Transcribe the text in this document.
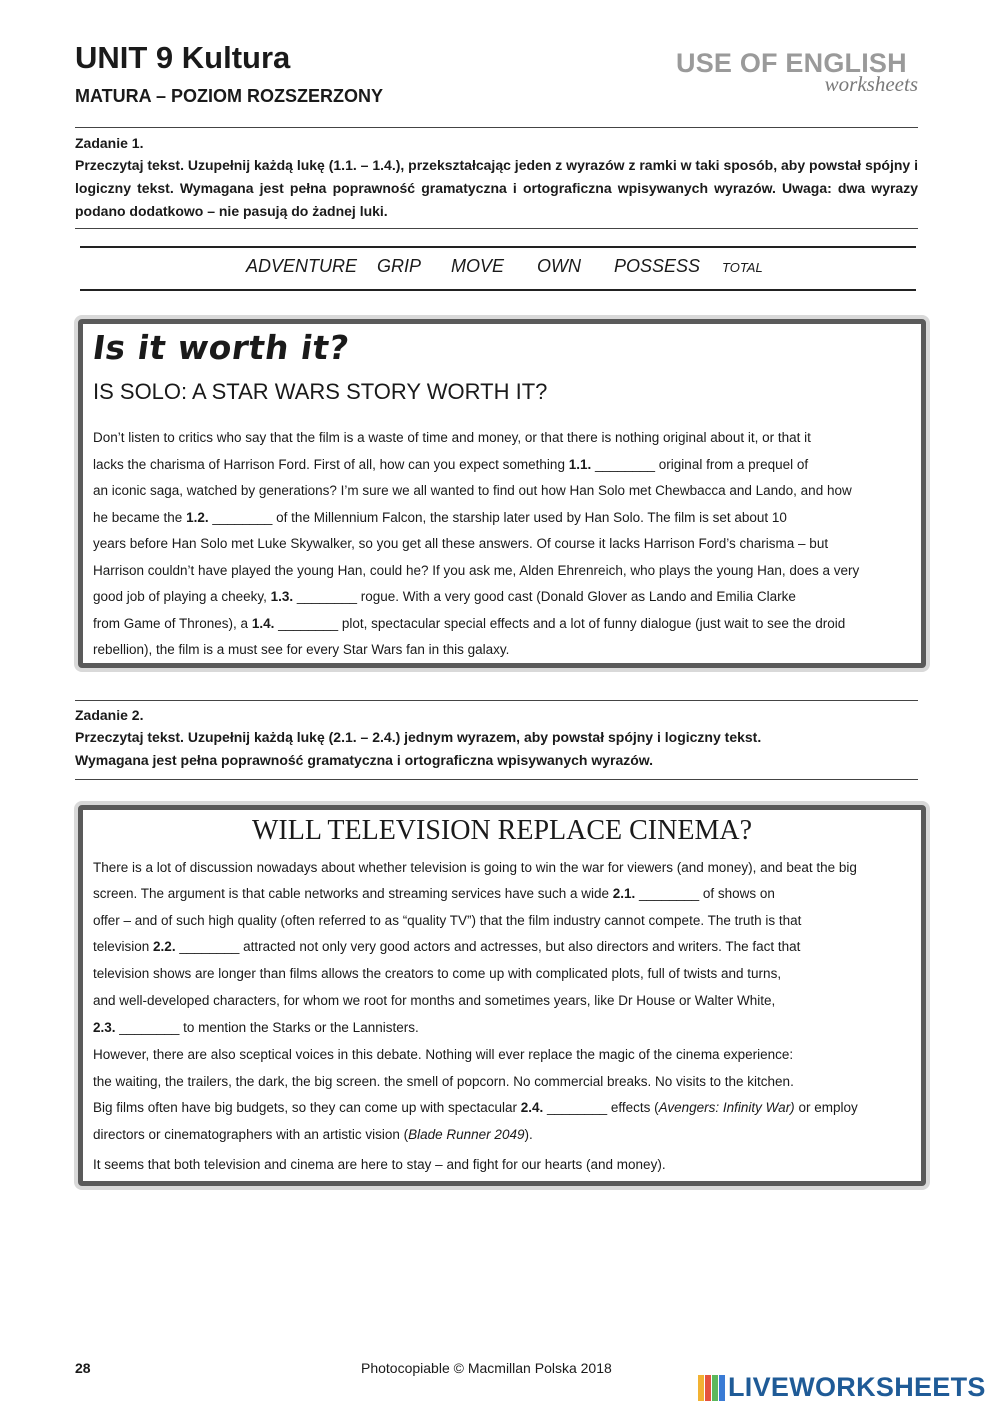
UNIT 9 Kultura
MATURA – POZIOM ROZSZERZONY
USE OF ENGLISH
worksheets
Zadanie 1.
Przeczytaj tekst. Uzupełnij każdą lukę (1.1. – 1.4.), przekształcając jeden z wyrazów z ramki w taki sposób, aby powstał spójny i logiczny tekst. Wymagana jest pełna poprawność gramatyczna i ortograficzna wpisywanych wyrazów. Uwaga: dwa wyrazy podano dodatkowo – nie pasują do żadnej luki.
ADVENTURE GRIP MOVE OWN POSSESS TOTAL
Is it worth it?
IS SOLO: A STAR WARS STORY WORTH IT?
Don’t listen to critics who say that the film is a waste of time and money, or that there is nothing original about it, or that it
lacks the charisma of Harrison Ford. First of all, how can you expect something 1.1. ________ original from a prequel of
an iconic saga, watched by generations? I’m sure we all wanted to find out how Han Solo met Chewbacca and Lando, and how
he became the 1.2. ________ of the Millennium Falcon, the starship later used by Han Solo. The film is set about 10
years before Han Solo met Luke Skywalker, so you get all these answers. Of course it lacks Harrison Ford’s charisma – but
Harrison couldn’t have played the young Han, could he? If you ask me, Alden Ehrenreich, who plays the young Han, does a very
good job of playing a cheeky, 1.3. ________ rogue. With a very good cast (Donald Glover as Lando and Emilia Clarke
from Game of Thrones), a 1.4. ________ plot, spectacular special effects and a lot of funny dialogue (just wait to see the droid
rebellion), the film is a must see for every Star Wars fan in this galaxy.
Zadanie 2.
Przeczytaj tekst. Uzupełnij każdą lukę (2.1. – 2.4.) jednym wyrazem, aby powstał spójny i logiczny tekst.
Wymagana jest pełna poprawność gramatyczna i ortograficzna wpisywanych wyrazów.
WILL TELEVISION REPLACE CINEMA?
There is a lot of discussion nowadays about whether television is going to win the war for viewers (and money), and beat the big
screen. The argument is that cable networks and streaming services have such a wide 2.1. ________ of shows on
offer – and of such high quality (often referred to as “quality TV”) that the film industry cannot compete. The truth is that
television 2.2. ________ attracted not only very good actors and actresses, but also directors and writers. The fact that
television shows are longer than films allows the creators to come up with complicated plots, full of twists and turns,
and well-developed characters, for whom we root for months and sometimes years, like Dr House or Walter White,
2.3. ________ to mention the Starks or the Lannisters.
However, there are also sceptical voices in this debate. Nothing will ever replace the magic of the cinema experience:
the waiting, the trailers, the dark, the big screen. the smell of popcorn. No commercial breaks. No visits to the kitchen.
Big films often have big budgets, so they can come up with spectacular 2.4. ________ effects (Avengers: Infinity War) or employ
directors or cinematographers with an artistic vision (Blade Runner 2049).
It seems that both television and cinema are here to stay – and fight for our hearts (and money).
28	Photocopiable © Macmillan Polska 2018
LIVEWORKSHEETS
